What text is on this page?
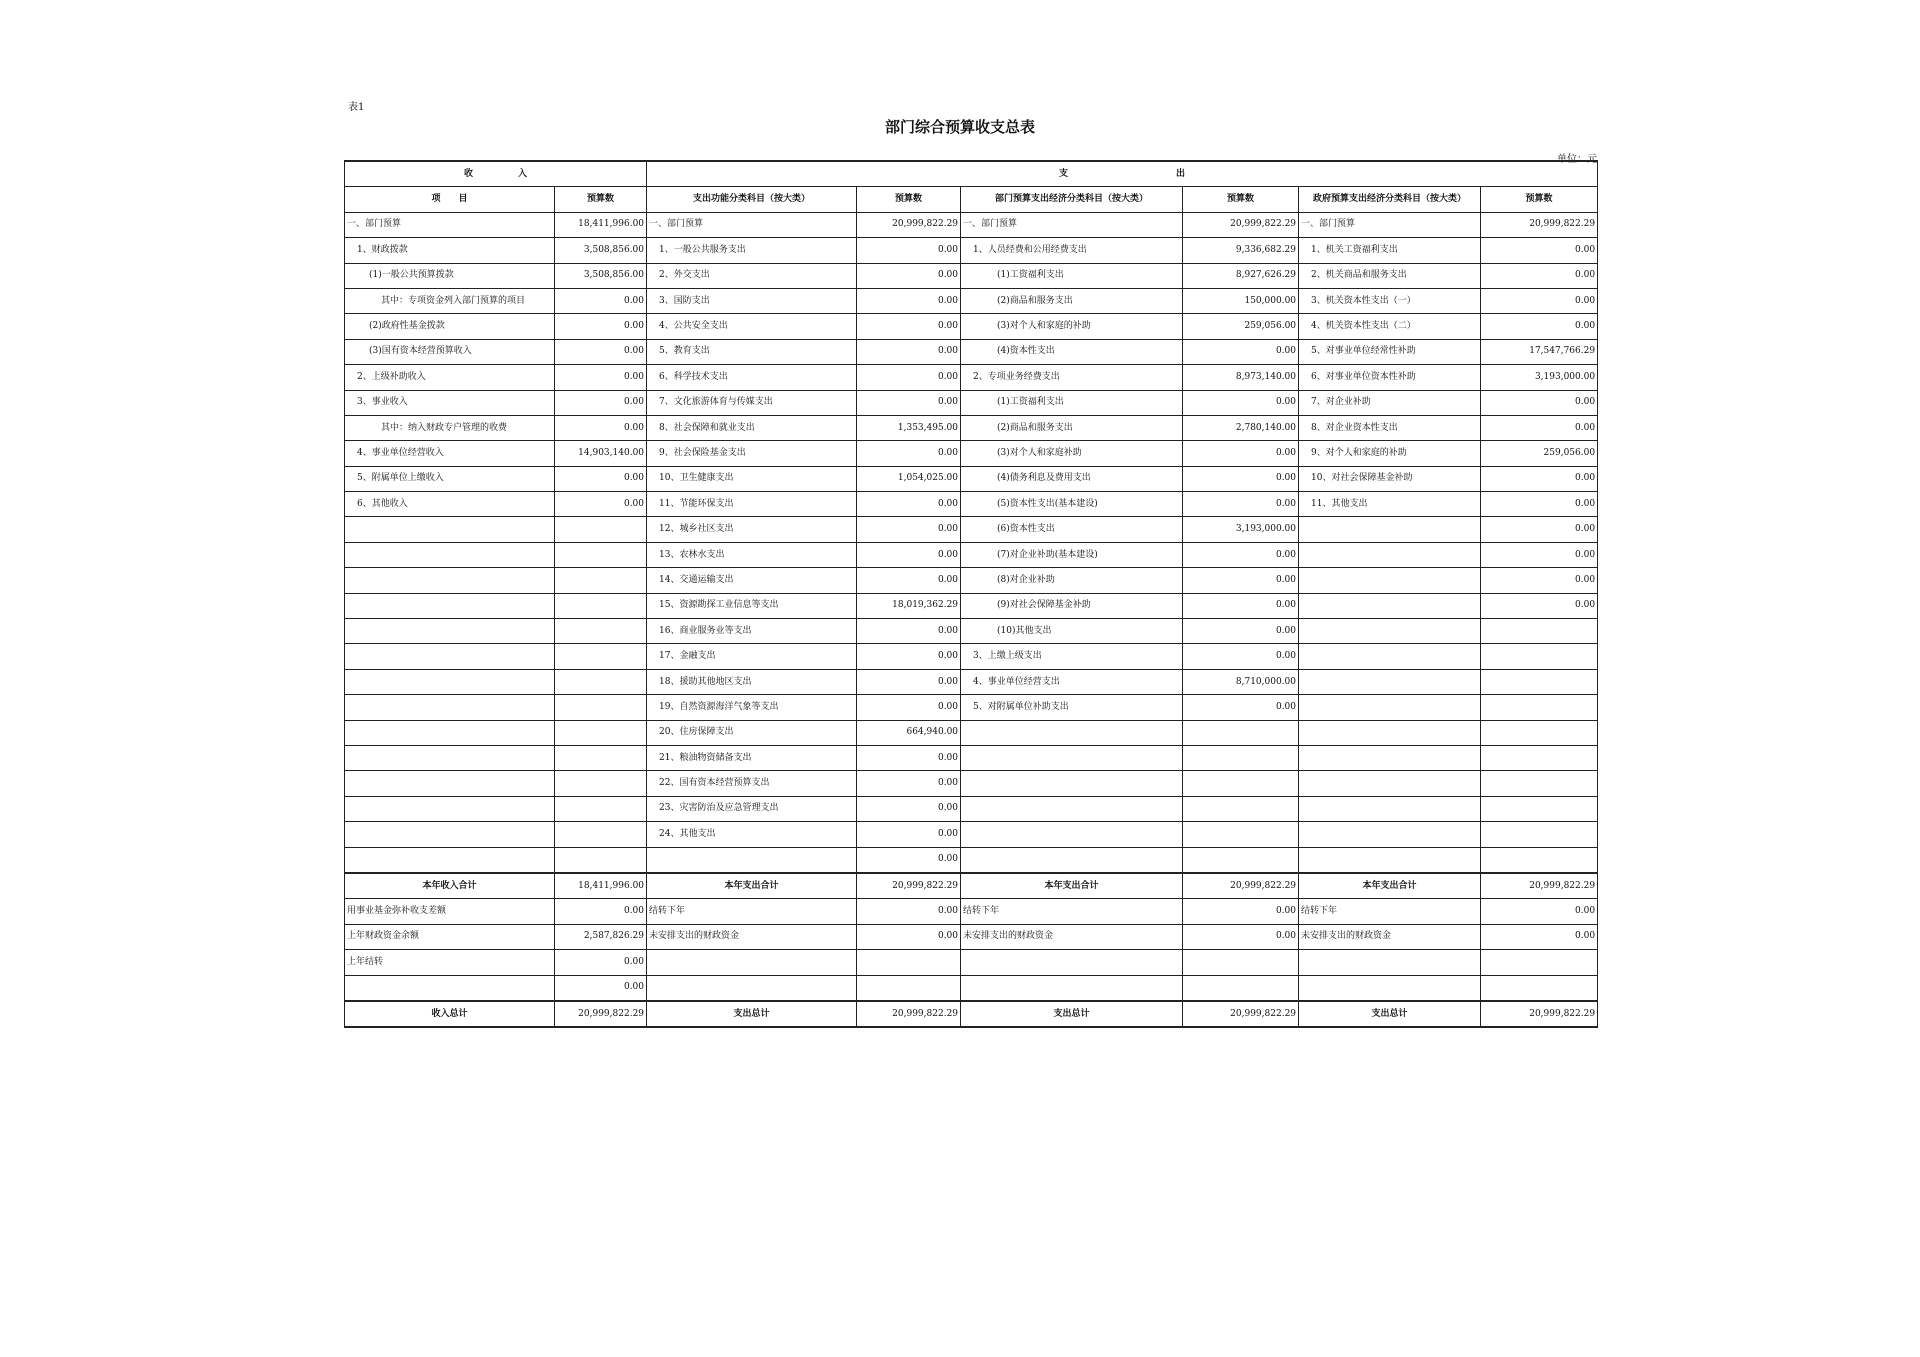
表1
部门综合预算收支总表
单位：元
收　　　　　入		支　　　　　　　　　　　　出					
项　　目	预算数	支出功能分类科目（按大类）	预算数	部门预算支出经济分类科目（按大类）	预算数	政府预算支出经济分类科目（按大类）	预算数
一、部门预算	18,411,996.00	一、部门预算	20,999,822.29	一、部门预算	20,999,822.29	一、部门预算	20,999,822.29
1、财政拨款	3,508,856.00	1、一般公共服务支出	0.00	1、人员经费和公用经费支出	9,336,682.29	1、机关工资福利支出	0.00
(1)一般公共预算拨款	3,508,856.00	2、外交支出	0.00	(1)工资福利支出	8,927,626.29	2、机关商品和服务支出	0.00
其中：专项资金列入部门预算的项目	0.00	3、国防支出	0.00	(2)商品和服务支出	150,000.00	3、机关资本性支出（一）	0.00
(2)政府性基金拨款	0.00	4、公共安全支出	0.00	(3)对个人和家庭的补助	259,056.00	4、机关资本性支出（二）	0.00
(3)国有资本经营预算收入	0.00	5、教育支出	0.00	(4)资本性支出	0.00	5、对事业单位经常性补助	17,547,766.29
2、上级补助收入	0.00	6、科学技术支出	0.00	2、专项业务经费支出	8,973,140.00	6、对事业单位资本性补助	3,193,000.00
3、事业收入	0.00	7、文化旅游体育与传媒支出	0.00	(1)工资福利支出	0.00	7、对企业补助	0.00
其中：纳入财政专户管理的收费	0.00	8、社会保障和就业支出	1,353,495.00	(2)商品和服务支出	2,780,140.00	8、对企业资本性支出	0.00
4、事业单位经营收入	14,903,140.00	9、社会保险基金支出	0.00	(3)对个人和家庭补助	0.00	9、对个人和家庭的补助	259,056.00
5、附属单位上缴收入	0.00	10、卫生健康支出	1,054,025.00	(4)债务利息及费用支出	0.00	10、对社会保障基金补助	0.00
6、其他收入	0.00	11、节能环保支出	0.00	(5)资本性支出(基本建设)	0.00	11、其他支出	0.00
		12、城乡社区支出	0.00	(6)资本性支出	3,193,000.00		0.00
		13、农林水支出	0.00	(7)对企业补助(基本建设)	0.00		0.00
		14、交通运输支出	0.00	(8)对企业补助	0.00		0.00
		15、资源勘探工业信息等支出	18,019,362.29	(9)对社会保障基金补助	0.00		0.00
		16、商业服务业等支出	0.00	(10)其他支出	0.00		
		17、金融支出	0.00	3、上缴上级支出	0.00		
		18、援助其他地区支出	0.00	4、事业单位经营支出	8,710,000.00		
		19、自然资源海洋气象等支出	0.00	5、对附属单位补助支出	0.00		
		20、住房保障支出	664,940.00				
		21、粮油物资储备支出	0.00				
		22、国有资本经营预算支出	0.00				
		23、灾害防治及应急管理支出	0.00				
		24、其他支出	0.00				
			0.00				
本年收入合计	18,411,996.00	本年支出合计	20,999,822.29	本年支出合计	20,999,822.29	本年支出合计	20,999,822.29
用事业基金弥补收支差额	0.00	结转下年	0.00	结转下年	0.00	结转下年	0.00
上年财政资金余额	2,587,826.29	未安排支出的财政资金	0.00	未安排支出的财政资金	0.00	未安排支出的财政资金	0.00
上年结转	0.00						
	0.00						
收入总计	20,999,822.29	支出总计	20,999,822.29	支出总计	20,999,822.29	支出总计	20,999,822.29
